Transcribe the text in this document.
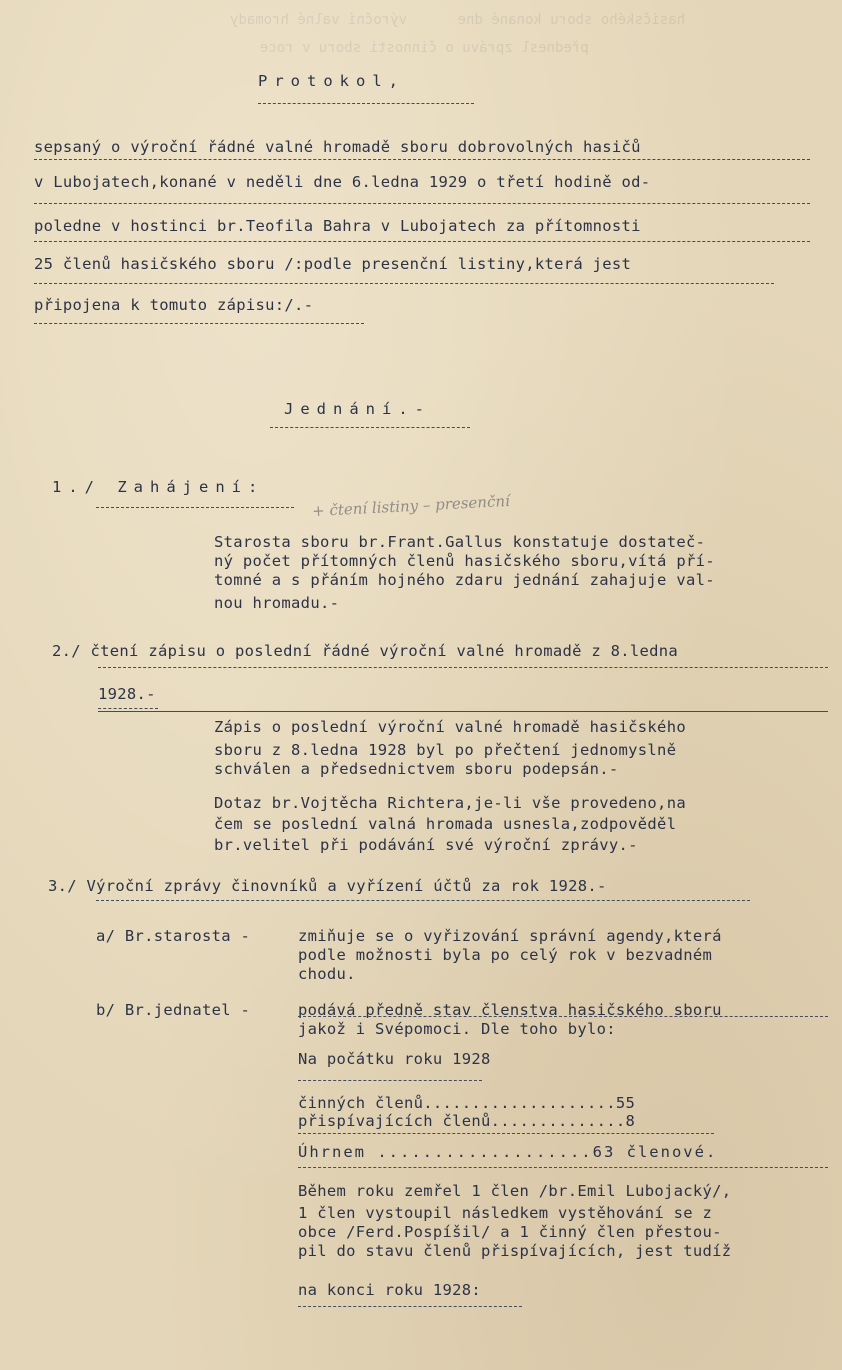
hasičského sboru konané dne      výroční valné hromady
přednesl zprávu o činnosti sboru v roce
Protokol,
sepsaný o výroční řádné valné hromadě sboru dobrovolných hasičů
v Lubojatech,konané v neděli dne 6.ledna 1929 o třetí hodině od-
poledne v hostinci br.Teofila Bahra v Lubojatech za přítomnosti
25 členů hasičského sboru /:podle presenční listiny,která jest
připojena k tomuto zápisu:/.-
Jednání.-
1./ Zahájení:
+ čtení listiny – presenční
Starosta sboru br.Frant.Gallus konstatuje dostateč-
ný počet přítomných členů hasičského sboru,vítá pří-
tomné a s přáním hojného zdaru jednání zahajuje val-
nou hromadu.-
2./ čtení zápisu o poslední řádné výroční valné hromadě z 8.ledna
1928.-
Zápis o poslední výroční valné hromadě hasičského
sboru z 8.ledna 1928 byl po přečtení jednomyslně
schválen a předsednictvem sboru podepsán.-
Dotaz br.Vojtěcha Richtera,je-li vše provedeno,na
čem se poslední valná hromada usnesla,zodpověděl
br.velitel při podávání své výroční zprávy.-
3./ Výroční zprávy činovníků a vyřízení účtů za rok 1928.-
a/ Br.starosta -	zmiňuje se o vyřizování správní agendy,která
podle možnosti byla po celý rok v bezvadném
chodu.
b/ Br.jednatel -	podává předně stav členstva hasičského sboru
jakož i Svépomoci. Dle toho bylo:
Na počátku roku 1928
činných členů....................55
přispívajících členů..............8
Úhrnem ...................63 členové.
Během roku zemřel 1 člen /br.Emil Lubojacký/,
1 člen vystoupil následkem vystěhování se z
obce /Ferd.Pospíšil/ a 1 činný člen přestou-
pil do stavu členů přispívajících, jest tudíž
na konci roku 1928:
